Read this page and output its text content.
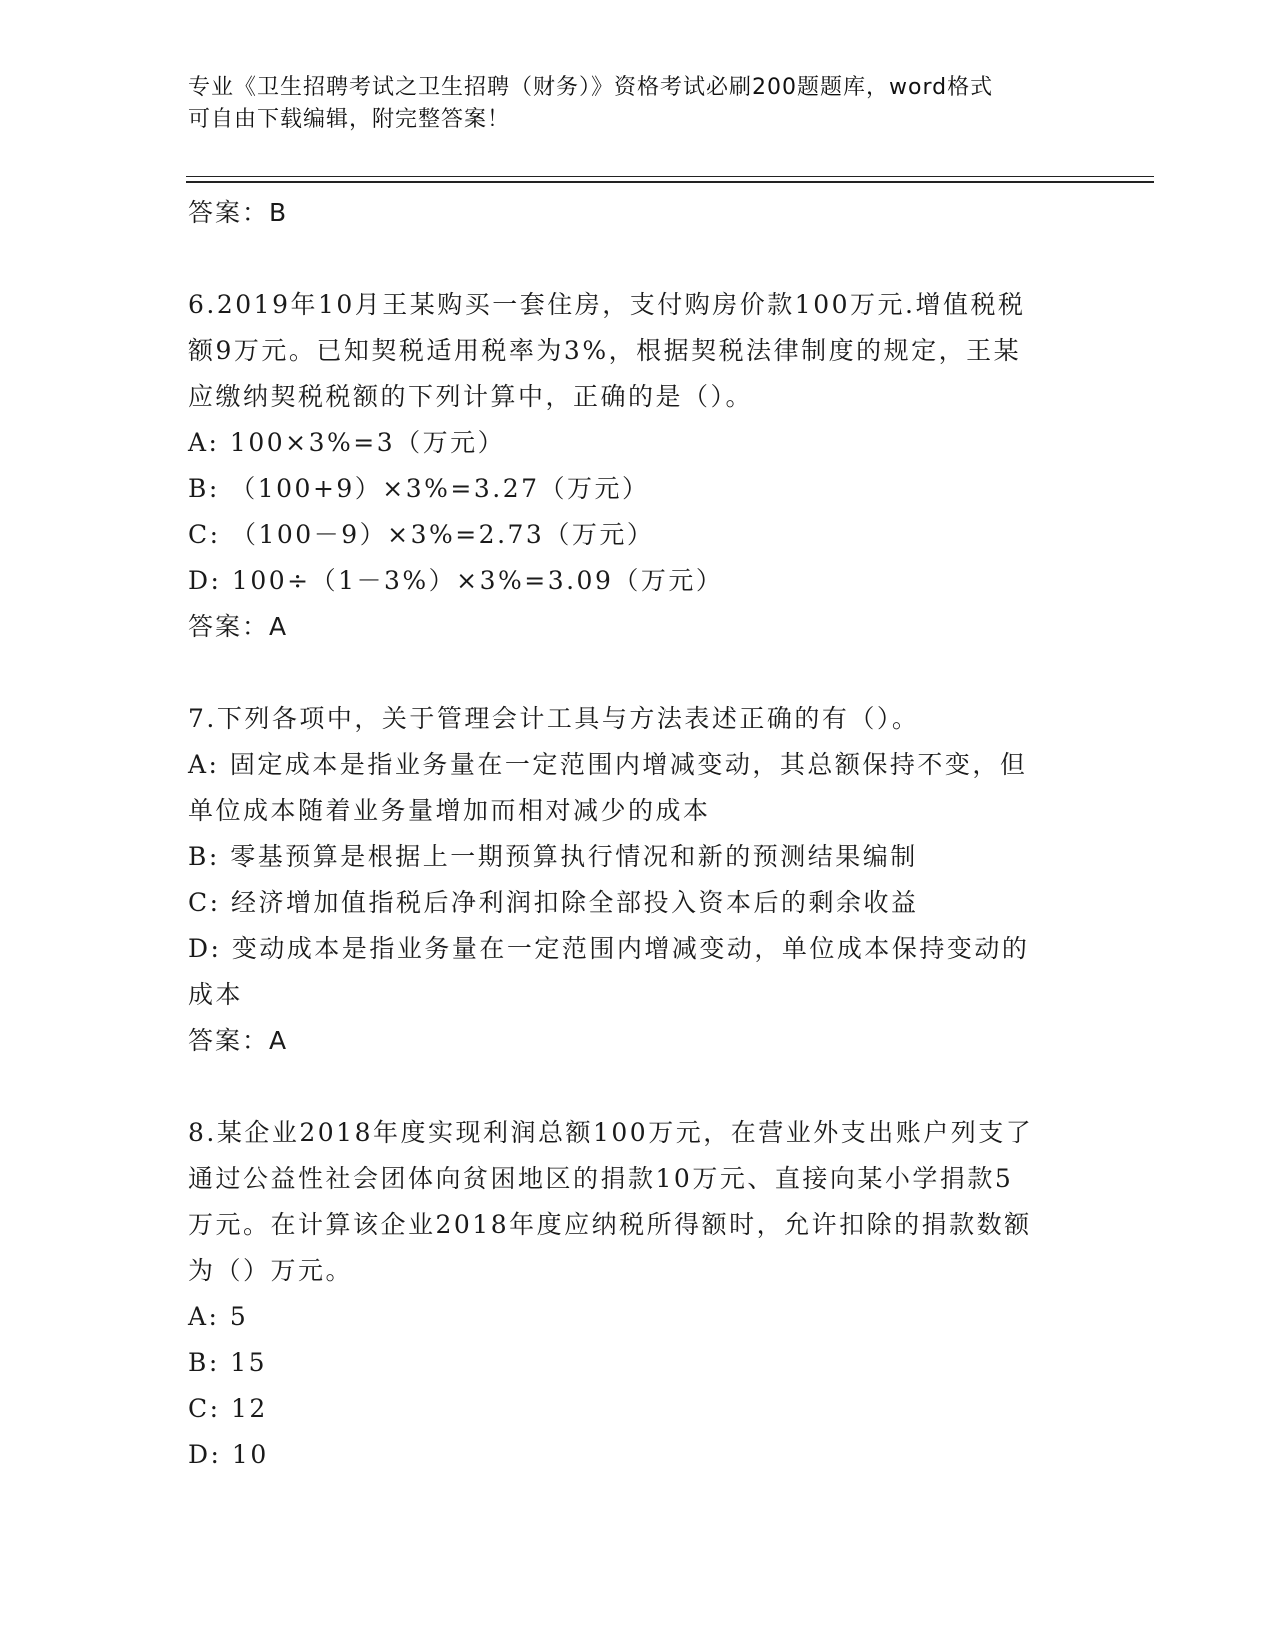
专业《卫生招聘考试之卫生招聘（财务）》资格考试必刷200题题库，word格式
可自由下载编辑，附完整答案！
答案：B
6.2019年10月王某购买一套住房，支付购房价款100万元.增值税税
额9万元。已知契税适用税率为3%，根据契税法律制度的规定，王某
应缴纳契税税额的下列计算中，正确的是（）。
A: 100×3%=3（万元）
B: （100+9）×3%=3.27（万元）
C: （100－9）×3%=2.73（万元）
D: 100÷（1－3%）×3%=3.09（万元）
答案：A
7.下列各项中，关于管理会计工具与方法表述正确的有（）。
A: 固定成本是指业务量在一定范围内增减变动，其总额保持不变，但
单位成本随着业务量增加而相对减少的成本
B: 零基预算是根据上一期预算执行情况和新的预测结果编制
C: 经济增加值指税后净利润扣除全部投入资本后的剩余收益
D: 变动成本是指业务量在一定范围内增减变动，单位成本保持变动的
成本
答案：A
8.某企业2018年度实现利润总额100万元，在营业外支出账户列支了
通过公益性社会团体向贫困地区的捐款10万元、直接向某小学捐款5
万元。在计算该企业2018年度应纳税所得额时，允许扣除的捐款数额
为（）万元。
A: 5
B: 15
C: 12
D: 10
